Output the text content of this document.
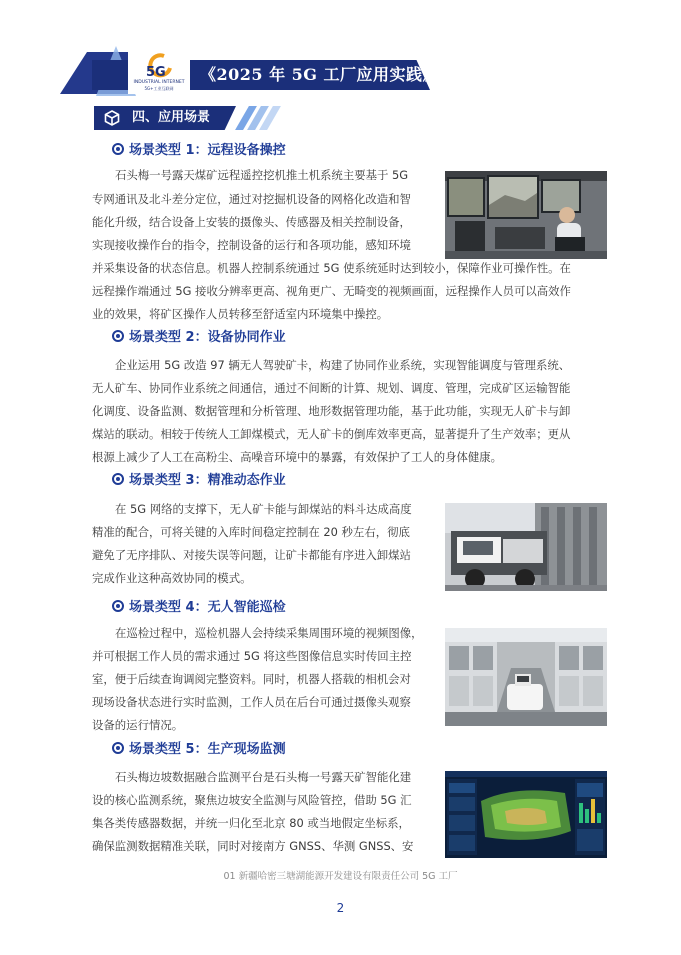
《2025 年 5G 工厂应用实践》
5G
INDUSTRIAL INTERNET
5G+工业互联网
四、应用场景
场景类型 1：远程设备操控
石头梅一号露天煤矿远程遥控挖机推土机系统主要基于 5G
专网通讯及北斗差分定位，通过对挖掘机设备的网格化改造和智
能化升级，结合设备上安装的摄像头、传感器及相关控制设备，
实现接收操作台的指令，控制设备的运行和各项功能，感知环境
并采集设备的状态信息。机器人控制系统通过 5G 使系统延时达到较小，保障作业可操作性。在
远程操作端通过 5G 接收分辨率更高、视角更广、无畸变的视频画面，远程操作人员可以高效作
业的效果，将矿区操作人员转移至舒适室内环境集中操控。
场景类型 2：设备协同作业
企业运用 5G 改造 97 辆无人驾驶矿卡，构建了协同作业系统，实现智能调度与管理系统、
无人矿车、协同作业系统之间通信，通过不间断的计算、规划、调度、管理，完成矿区运输智能
化调度、设备监测、数据管理和分析管理、地形数据管理功能，基于此功能，实现无人矿卡与卸
煤站的联动。相较于传统人工卸煤模式，无人矿卡的倒库效率更高，显著提升了生产效率；更从
根源上减少了人工在高粉尘、高噪音环境中的暴露，有效保护了工人的身体健康。
场景类型 3：精准动态作业
在 5G 网络的支撑下，无人矿卡能与卸煤站的料斗达成高度
精准的配合，可将关键的入库时间稳定控制在 20 秒左右，彻底
避免了无序排队、对接失误等问题，让矿卡都能有序进入卸煤站
完成作业这种高效协同的模式。
场景类型 4：无人智能巡检
在巡检过程中，巡检机器人会持续采集周围环境的视频图像，
并可根据工作人员的需求通过 5G 将这些图像信息实时传回主控
室，便于后续查询调阅完整资料。同时，机器人搭载的相机会对
现场设备状态进行实时监测，工作人员在后台可通过摄像头观察
设备的运行情况。
场景类型 5：生产现场监测
石头梅边坡数据融合监测平台是石头梅一号露天矿智能化建
设的核心监测系统，聚焦边坡安全监测与风险管控，借助 5G 汇
集各类传感器数据，并统一归化至北京 80 或当地假定坐标系，
确保监测数据精准关联，同时对接南方 GNSS、华测 GNSS、安
01 新疆哈密三塘湖能源开发建设有限责任公司 5G 工厂
2
